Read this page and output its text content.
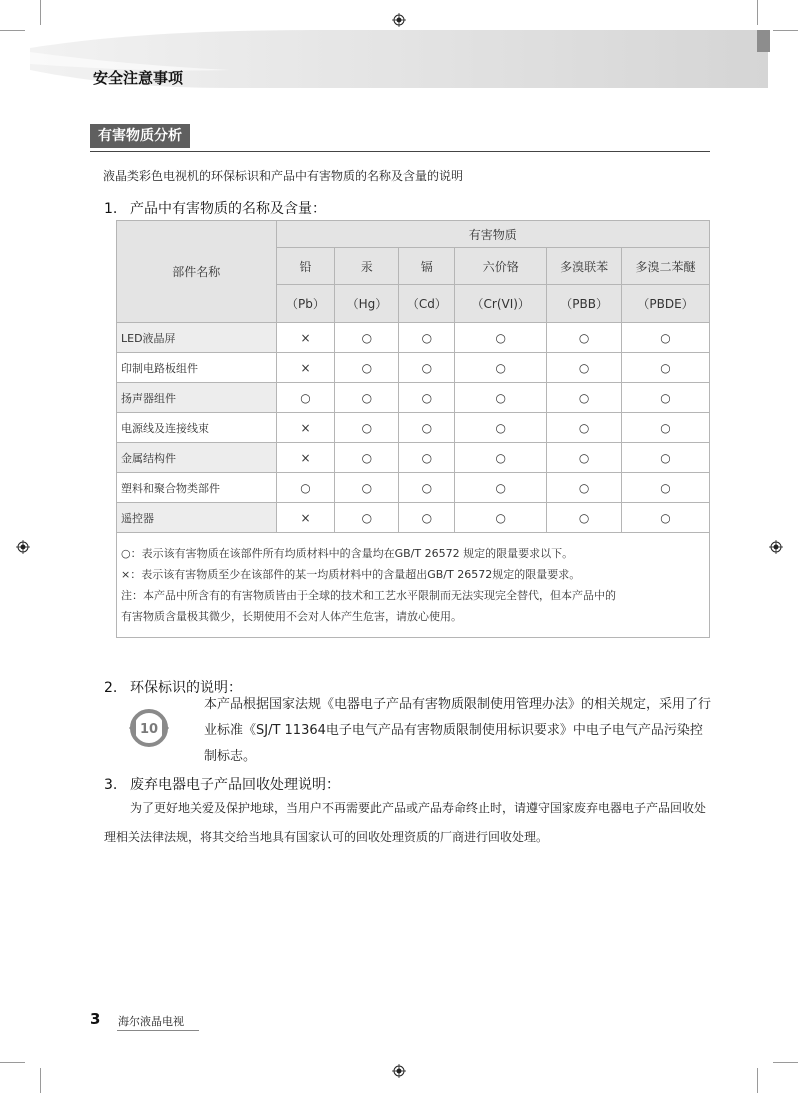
安全注意事项
有害物质分析
液晶类彩色电视机的环保标识和产品中有害物质的名称及含量的说明
1. 产品中有害物质的名称及含量：
部件名称	有害物质					
	铅	汞	镉	六价铬	多溴联苯	多溴二苯醚
	（Pb）	（Hg）	（Cd）	（Cr(VI)）	（PBB）	（PBDE）
LED液晶屏	×	○	○	○	○	○
印制电路板组件	×	○	○	○	○	○
扬声器组件	○	○	○	○	○	○
电源线及连接线束	×	○	○	○	○	○
金属结构件	×	○	○	○	○	○
塑料和聚合物类部件	○	○	○	○	○	○
遥控器	×	○	○	○	○	○

○：表示该有害物质在该部件所有均质材料中的含量均在GB/T 26572 规定的限量要求以下。
×：表示该有害物质至少在该部件的某一均质材料中的含量超出GB/T 26572规定的限量要求。
注：本产品中所含有的有害物质皆由于全球的技术和工艺水平限制而无法实现完全替代，但本产品中的
有害物质含量极其微少，长期使用不会对人体产生危害，请放心使用。						
2. 环保标识的说明：
10
本产品根据国家法规《电器电子产品有害物质限制使用管理办法》的相关规定，采用了行业标准《SJ/T 11364电子电气产品有害物质限制使用标识要求》中电子电气产品污染控制标志。
3. 废弃电器电子产品回收处理说明：
为了更好地关爱及保护地球，当用户不再需要此产品或产品寿命终止时，请遵守国家废弃电器电子产品回收处理相关法律法规，将其交给当地具有国家认可的回收处理资质的厂商进行回收处理。
3 海尔液晶电视
